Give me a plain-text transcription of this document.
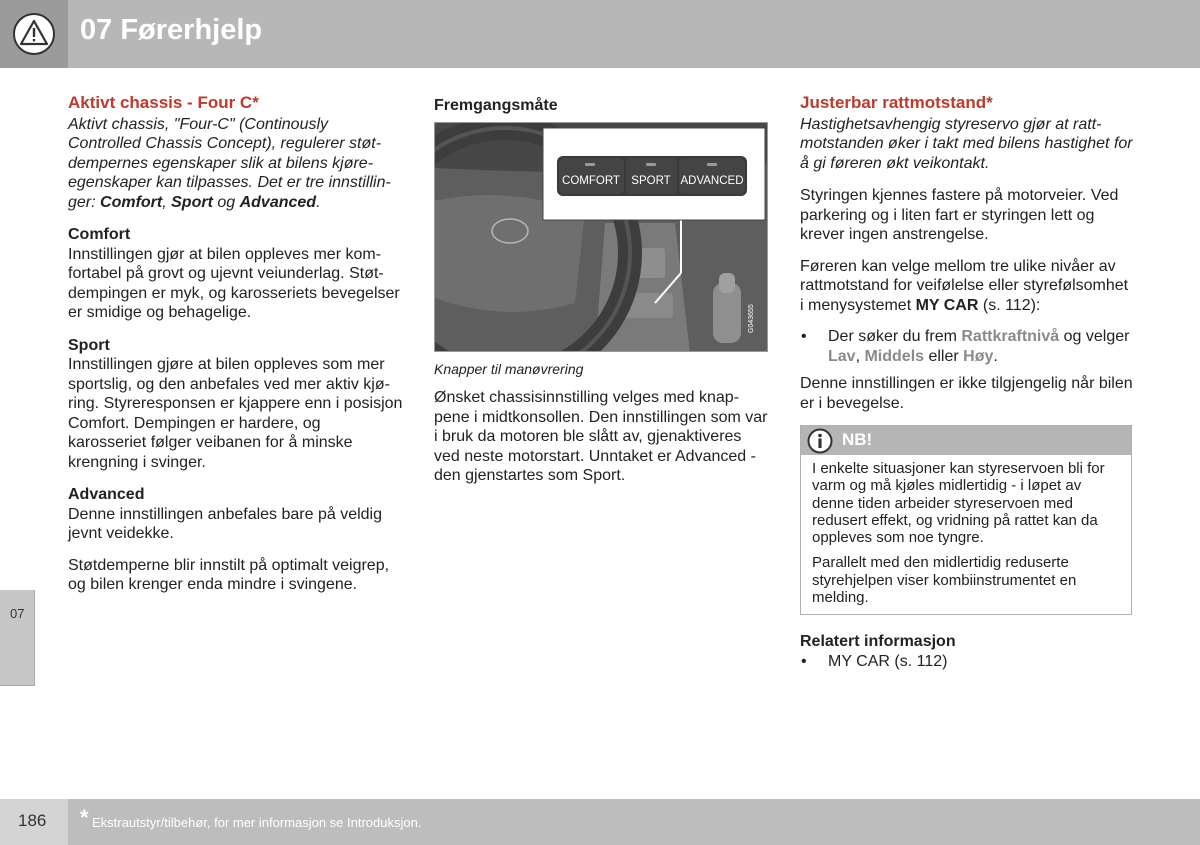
07 Førerhjelp
07
Aktivt chassis - Four C*

Aktivt chassis, "Four-C" (Continously Controlled Chassis Concept), regulerer støtdempernes egenskaper slik at bilens kjøreegenskaper kan tilpasses. Det er tre innstillinger: Comfort, Sport og Advanced.

Comfort

Innstillingen gjør at bilen oppleves mer komfortabel på grovt og ujevnt veiunderlag. Støtdempingen er myk, og karosseriets bevegelser er smidige og behagelige.

Sport

Innstillingen gjøre at bilen oppleves som mer sportslig, og den anbefales ved mer aktiv kjøring. Styreresponsen er kjappere enn i posisjon Comfort. Dempingen er hardere, og karosseriet følger veibanen for å minske krengning i svinger.

Advanced

Denne innstillingen anbefales bare på veldig jevnt veidekke.

Støtdemperne blir innstilt på optimalt veigrep, og bilen krenger enda mindre i svingene.

Fremgangsmåte
COMFORT SPORT ADVANCED
G043655

Knapper til manøvrering

Ønsket chassisinnstilling velges med knappene i midtkonsollen. Den innstillingen som var i bruk da motoren ble slått av, gjenaktiveres ved neste motorstart. Unntaket er Advanced - den gjenstartes som Sport.

Justerbar rattmotstand*

Hastighetsavhengig styreservo gjør at rattmotstanden øker i takt med bilens hastighet for å gi føreren økt veikontakt.

Styringen kjennes fastere på motorveier. Ved parkering og i liten fart er styringen lett og krever ingen anstrengelse.

Føreren kan velge mellom tre ulike nivåer av rattmotstand for veifølelse eller styrefølsomhet i menysystemet MY CAR (s. 112):

• Der søker du frem Rattkraftnivå og velger Lav, Middels eller Høy.

Denne innstillingen er ikke tilgjengelig når bilen er i bevegelse.

NB!

I enkelte situasjoner kan styreservoen bli for varm og må kjøles midlertidig - i løpet av denne tiden arbeider styreservoen med redusert effekt, og vridning på rattet kan da oppleves som noe tyngre.

Parallelt med den midlertidig reduserte styrehjelpen viser kombiinstrumentet en melding.

Relatert informasjon
• MY CAR (s. 112)
186 * Ekstrautstyr/tilbehør, for mer informasjon se Introduksjon.
